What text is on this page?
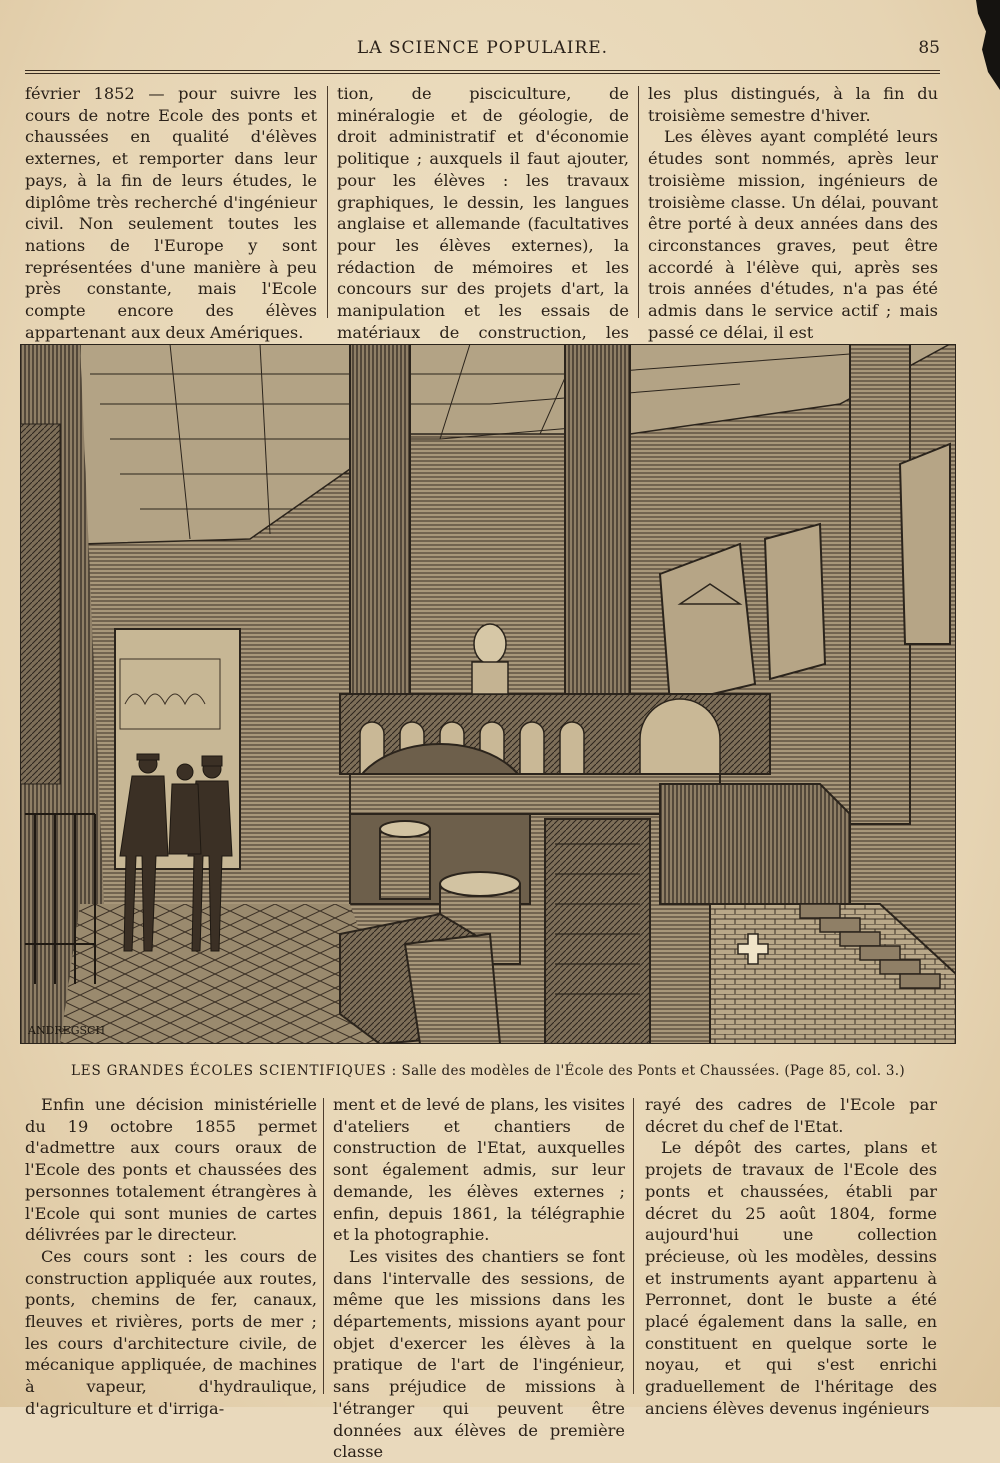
LA SCIENCE POPULAIRE.	85

février 1852 — pour suivre les cours de notre Ecole des ponts et chaussées en qualité d'élèves externes, et remporter dans leur pays, à la fin de leurs études, le diplôme très recherché d'ingénieur civil. Non seulement toutes les nations de l'Europe y sont représentées d'une manière à peu près constante, mais l'Ecole compte encore des élèves appartenant aux deux Amériques.

tion, de pisciculture, de minéralogie et de géologie, de droit administratif et d'économie politique ; auxquels il faut ajouter, pour les élèves : les travaux graphiques, le dessin, les langues anglaise et allemande (facultatives pour les élèves externes), la rédaction de mémoires et les concours sur des projets d'art, la manipulation et les essais de matériaux de construction, les

les plus distingués, à la fin du troisième semestre d'hiver.

Les élèves ayant complété leurs études sont nommés, après leur troisième mission, ingénieurs de troisième classe. Un délai, pouvant être porté à deux années dans des circonstances graves, peut être accordé à l'élève qui, après ses trois années d'études, n'a pas été admis dans le service actif ; mais passé ce délai, il est

ANDREGSCH
LES GRANDES ÉCOLES SCIENTIFIQUES : Salle des modèles de l'École des Ponts et Chaussées. (Page 85, col. 3.)

Enfin une décision ministérielle du 19 octobre 1855 permet d'admettre aux cours oraux de l'Ecole des ponts et chaussées des personnes totalement étrangères à l'Ecole qui sont munies de cartes délivrées par le directeur.

Ces cours sont : les cours de construction appliquée aux routes, ponts, chemins de fer, canaux, fleuves et rivières, ports de mer ; les cours d'architecture civile, de mécanique appliquée, de machines à vapeur, d'hydraulique, d'agriculture et d'irriga-

ment et de levé de plans, les visites d'ateliers et chantiers de construction de l'Etat, auxquelles sont également admis, sur leur demande, les élèves externes ; enfin, depuis 1861, la télégraphie et la photographie.

Les visites des chantiers se font dans l'intervalle des sessions, de même que les missions dans les départements, missions ayant pour objet d'exercer les élèves à la pratique de l'art de l'ingénieur, sans préjudice de missions à l'étranger qui peuvent être données aux élèves de première classe

rayé des cadres de l'Ecole par décret du chef de l'Etat.

Le dépôt des cartes, plans et projets de travaux de l'Ecole des ponts et chaussées, établi par décret du 25 août 1804, forme aujourd'hui une collection précieuse, où les modèles, dessins et instruments ayant appartenu à Perronnet, dont le buste a été placé également dans la salle, en constituent en quelque sorte le noyau, et qui s'est enrichi graduellement de l'héritage des anciens élèves devenus ingénieurs
